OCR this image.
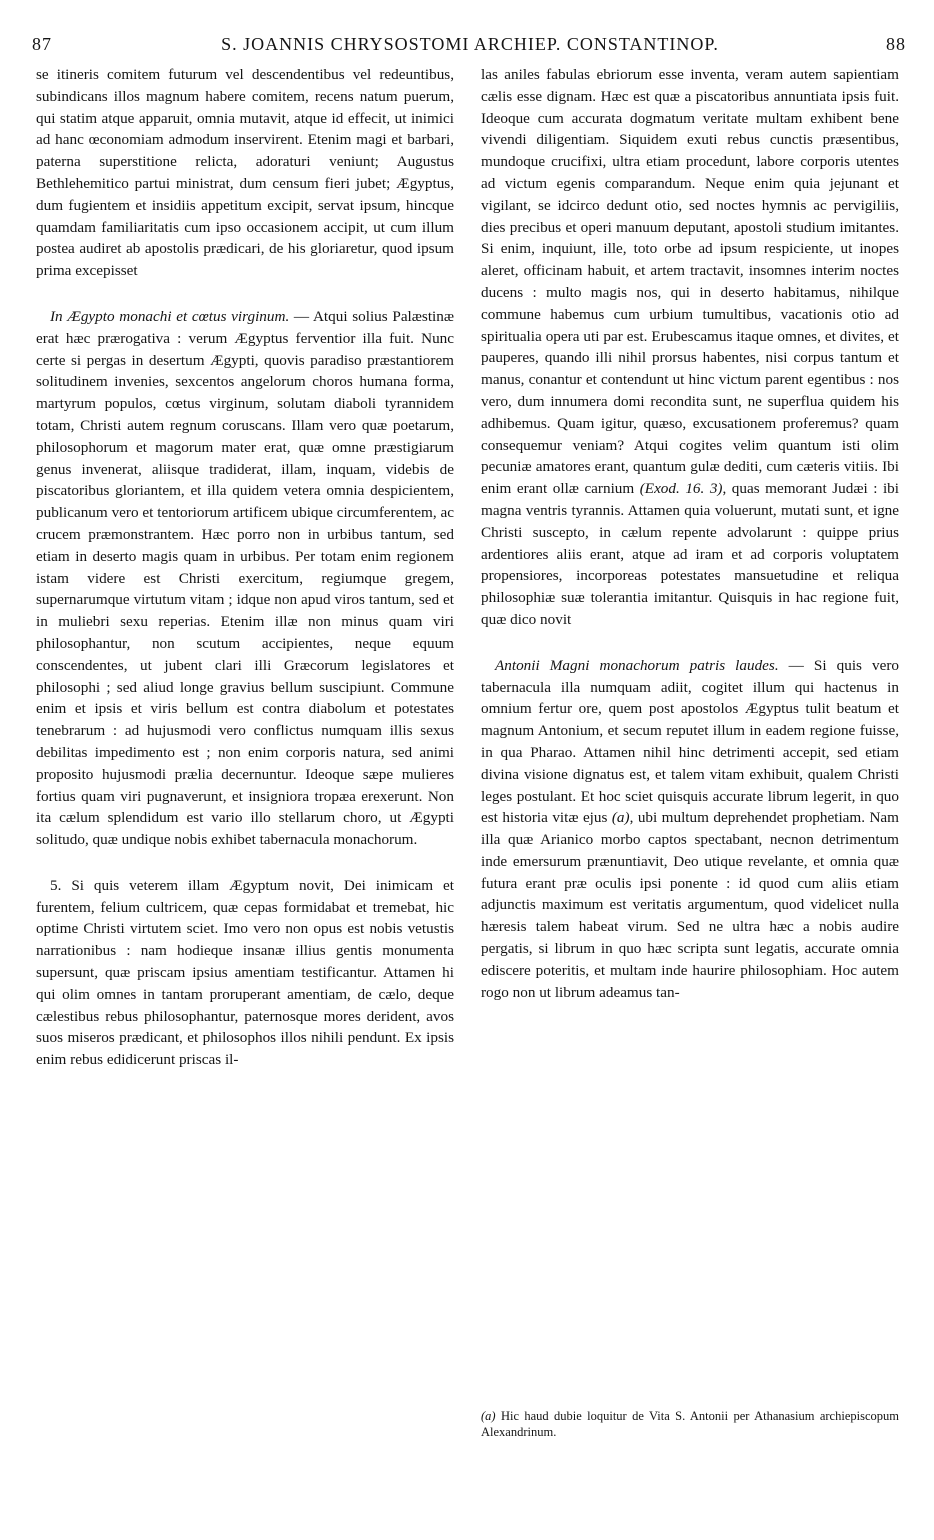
87	S. JOANNIS CHRYSOSTOMI ARCHIEP. CONSTANTINOP.	88

se itineris comitem futurum vel descendentibus vel redeuntibus, subindicans illos magnum habere comitem, recens natum puerum, qui statim atque apparuit, omnia mutavit, atque id effecit, ut inimici ad hanc œconomiam admodum inservirent. Etenim magi et barbari, paterna superstitione relicta, adoraturi veniunt; Augustus Bethlehemitico partui ministrat, dum censum fieri jubet; Ægyptus, dum fugientem et insidiis appetitum excipit, servat ipsum, hincque quamdam familiaritatis cum ipso occasionem accipit, ut cum illum postea audiret ab apostolis prædicari, de his gloriaretur, quod ipsum prima excepisset

In Ægypto monachi et cœtus virginum. — Atqui solius Palæstinæ erat hæc prærogativa : verum Ægyptus ferventior illa fuit. Nunc certe si pergas in desertum Ægypti, quovis paradiso præstantiorem solitudinem invenies, sexcentos angelorum choros humana forma, martyrum populos, cœtus virginum, solutam diaboli tyrannidem totam, Christi autem regnum coruscans. Illam vero quæ poetarum, philosophorum et magorum mater erat, quæ omne præstigiarum genus invenerat, aliisque tradiderat, illam, inquam, videbis de piscatoribus gloriantem, et illa quidem vetera omnia despicientem, publicanum vero et tentoriorum artificem ubique circumferentem, ac crucem præmonstrantem. Hæc porro non in urbibus tantum, sed etiam in deserto magis quam in urbibus. Per totam enim regionem istam videre est Christi exercitum, regiumque gregem, supernarumque virtutum vitam ; idque non apud viros tantum, sed et in muliebri sexu reperias. Etenim illæ non minus quam viri philosophantur, non scutum accipientes, neque equum conscendentes, ut jubent clari illi Græcorum legislatores et philosophi ; sed aliud longe gravius bellum suscipiunt. Commune enim et ipsis et viris bellum est contra diabolum et potestates tenebrarum : ad hujusmodi vero conflictus numquam illis sexus debilitas impedimento est ; non enim corporis natura, sed animi proposito hujusmodi prælia decernuntur. Ideoque sæpe mulieres fortius quam viri pugnaverunt, et insigniora tropæa erexerunt. Non ita cælum splendidum est vario illo stellarum choro, ut Ægypti solitudo, quæ undique nobis exhibet tabernacula monachorum.

5. Si quis veterem illam Ægyptum novit, Dei inimicam et furentem, felium cultricem, quæ cepas formidabat et tremebat, hic optime Christi virtutem sciet. Imo vero non opus est nobis vetustis narrationibus : nam hodieque insanæ illius gentis monumenta supersunt, quæ priscam ipsius amentiam testificantur. Attamen hi qui olim omnes in tantam proruperant amentiam, de cælo, deque cælestibus rebus philosophantur, paternosque mores derident, avos suos miseros prædicant, et philosophos illos nihili pendunt. Ex ipsis enim rebus edidicerunt priscas il-

las aniles fabulas ebriorum esse inventa, veram autem sapientiam cælis esse dignam. Hæc est quæ a piscatoribus annuntiata ipsis fuit. Ideoque cum accurata dogmatum veritate multam exhibent bene vivendi diligentiam. Siquidem exuti rebus cunctis præsentibus, mundoque crucifixi, ultra etiam procedunt, labore corporis utentes ad victum egenis comparandum. Neque enim quia jejunant et vigilant, se idcirco dedunt otio, sed noctes hymnis ac pervigiliis, dies precibus et operi manuum deputant, apostoli studium imitantes. Si enim, inquiunt, ille, toto orbe ad ipsum respiciente, ut inopes aleret, officinam habuit, et artem tractavit, insomnes interim noctes ducens : multo magis nos, qui in deserto habitamus, nihilque commune habemus cum urbium tumultibus, vacationis otio ad spiritualia opera uti par est. Erubescamus itaque omnes, et divites, et pauperes, quando illi nihil prorsus habentes, nisi corpus tantum et manus, conantur et contendunt ut hinc victum parent egentibus : nos vero, dum innumera domi recondita sunt, ne superflua quidem his adhibemus. Quam igitur, quæso, excusationem proferemus? quam consequemur veniam? Atqui cogites velim quantum isti olim pecuniæ amatores erant, quantum gulæ dediti, cum cæteris vitiis. Ibi enim erant ollæ carnium (Exod. 16. 3), quas memorant Judæi : ibi magna ventris tyrannis. Attamen quia voluerunt, mutati sunt, et igne Christi suscepto, in cælum repente advolarunt : quippe prius ardentiores aliis erant, atque ad iram et ad corporis voluptatem propensiores, incorporeas potestates mansuetudine et reliqua philosophiæ suæ tolerantia imitantur. Quisquis in hac regione fuit, quæ dico novit

Antonii Magni monachorum patris laudes. — Si quis vero tabernacula illa numquam adiit, cogitet illum qui hactenus in omnium fertur ore, quem post apostolos Ægyptus tulit beatum et magnum Antonium, et secum reputet illum in eadem regione fuisse, in qua Pharao. Attamen nihil hinc detrimenti accepit, sed etiam divina visione dignatus est, et talem vitam exhibuit, qualem Christi leges postulant. Et hoc sciet quisquis accurate librum legerit, in quo est historia vitæ ejus (a), ubi multum deprehendet prophetiam. Nam illa quæ Arianico morbo captos spectabant, necnon detrimentum inde emersurum prænuntiavit, Deo utique revelante, et omnia quæ futura erant præ oculis ipsi ponente : id quod cum aliis etiam adjunctis maximum est veritatis argumentum, quod videlicet nulla hæresis talem habeat virum. Sed ne ultra hæc a nobis audire pergatis, si librum in quo hæc scripta sunt legatis, accurate omnia ediscere poteritis, et multam inde haurire philosophiam. Hoc autem rogo non ut librum adeamus tan-

(a) Hic haud dubie loquitur de Vita S. Antonii per Athanasium archiepiscopum Alexandrinum.
